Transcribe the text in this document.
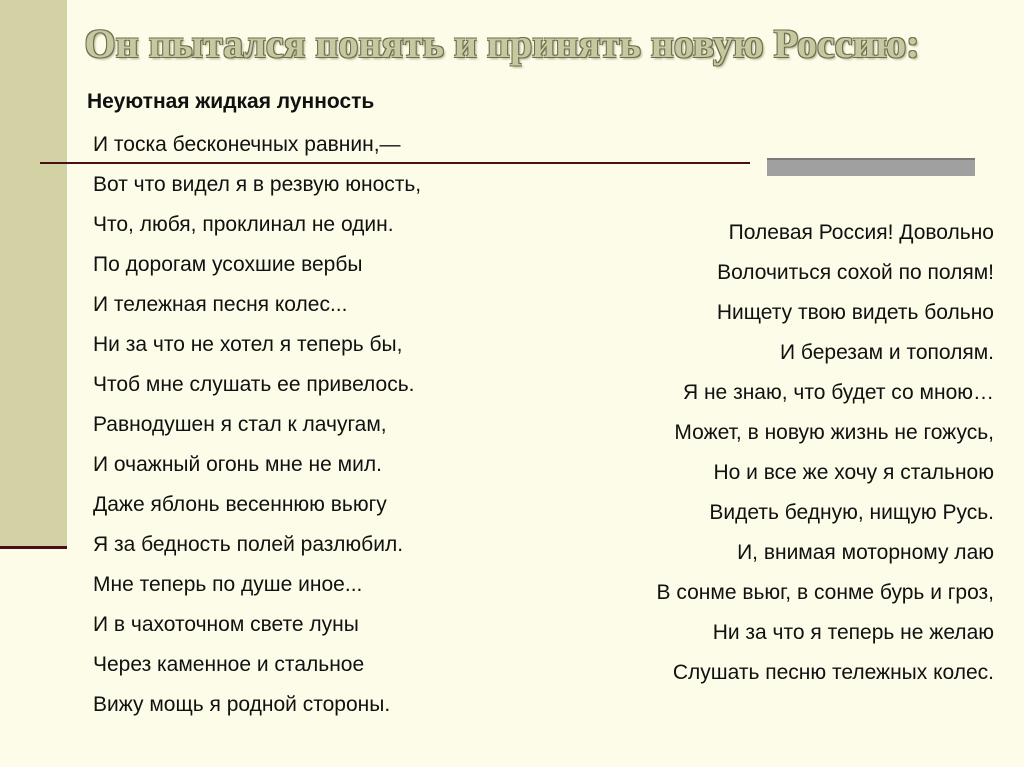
Он пытался понять и принять новую Россию:
Неуютная жидкая лунность
И тоска бесконечных равнин,—
Вот что видел я в резвую юность,
Что, любя, проклинал не один.
По дорогам усохшие вербы
И тележная песня колес...
Ни за что не хотел я теперь бы,
Чтоб мне слушать ее привелось.
Равнодушен я стал к лачугам,
И очажный огонь мне не мил.
Даже яблонь весеннюю вьюгу
Я за бедность полей разлюбил.
Мне теперь по душе иное...
И в чахоточном свете луны
Через каменное и стальное
Вижу мощь я родной стороны.
Полевая Россия! Довольно
Волочиться сохой по полям!
Нищету твою видеть больно
И березам и тополям.
Я не знаю, что будет со мною…
Может, в новую жизнь не гожусь,
Но и все же хочу я стальною
Видеть бедную, нищую Русь.
И, внимая моторному лаю
В сонме вьюг, в сонме бурь и гроз,
Ни за что я теперь не желаю
Слушать песню тележных колес.
